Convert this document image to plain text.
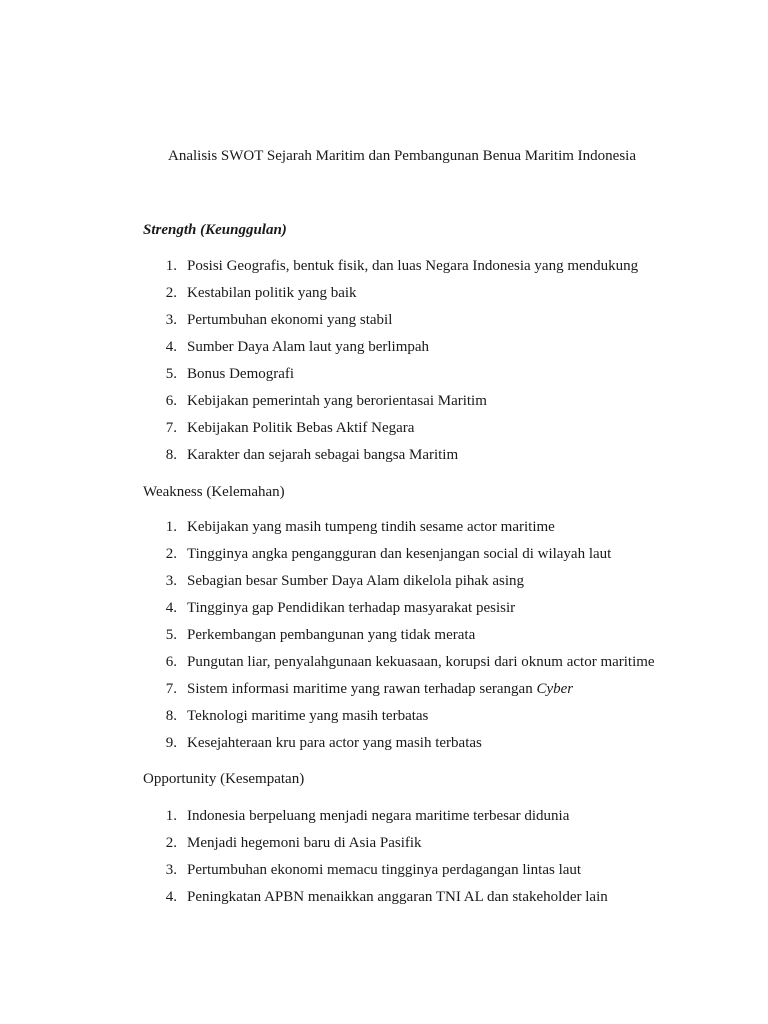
Analisis SWOT Sejarah Maritim dan Pembangunan Benua Maritim Indonesia
Strength (Keunggulan)
1. Posisi Geografis, bentuk fisik, dan luas Negara Indonesia yang mendukung
2. Kestabilan politik yang baik
3. Pertumbuhan ekonomi yang stabil
4. Sumber Daya Alam laut yang berlimpah
5. Bonus Demografi
6. Kebijakan pemerintah yang berorientasai Maritim
7. Kebijakan Politik Bebas Aktif Negara
8. Karakter dan sejarah sebagai bangsa Maritim
Weakness (Kelemahan)
1. Kebijakan yang masih tumpeng tindih sesame actor maritime
2. Tingginya angka pengangguran dan kesenjangan social di wilayah laut
3. Sebagian besar Sumber Daya Alam dikelola pihak asing
4. Tingginya gap Pendidikan terhadap masyarakat pesisir
5. Perkembangan pembangunan yang tidak merata
6. Pungutan liar, penyalahgunaan kekuasaan, korupsi dari oknum actor maritime
7. Sistem informasi maritime yang rawan terhadap serangan Cyber
8. Teknologi maritime yang masih terbatas
9. Kesejahteraan kru para actor yang masih terbatas
Opportunity (Kesempatan)
1. Indonesia berpeluang menjadi negara maritime terbesar didunia
2. Menjadi hegemoni baru di Asia Pasifik
3. Pertumbuhan ekonomi memacu tingginya perdagangan lintas laut
4. Peningkatan APBN menaikkan anggaran TNI AL dan stakeholder lain
